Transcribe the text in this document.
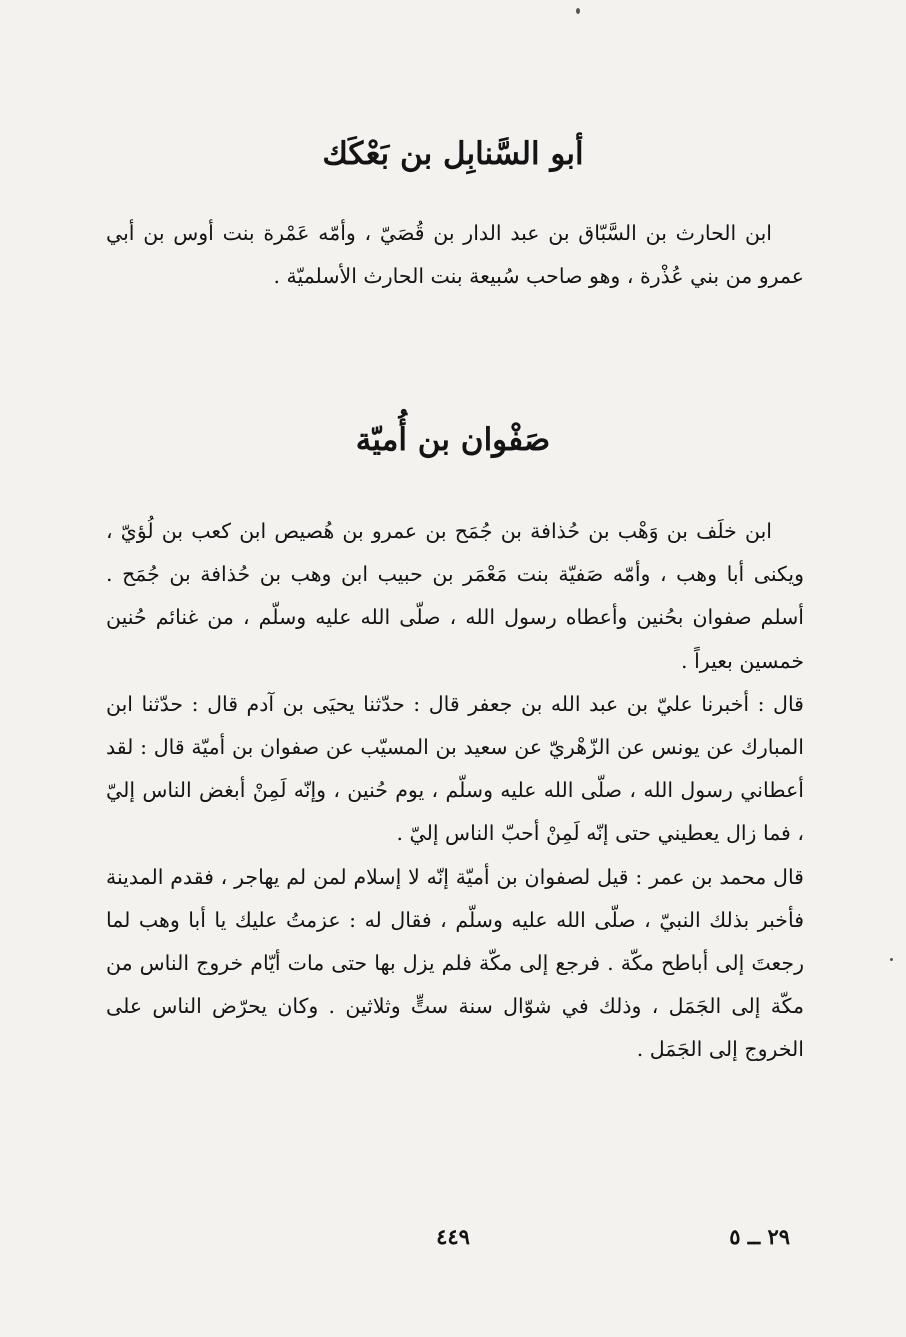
أبو السَّنابِل بن بَعْكَك

ابن الحارث بن السَّبّاق بن عبد الدار بن قُصَيّ ، وأمّه عَمْرة بنت أوس بن أبي عمرو من بني عُذْرة ، وهو صاحب سُبيعة بنت الحارث الأسلميّة .

صَفْوان بن أُميّة

ابن خلَف بن وَهْب بن حُذافة بن جُمَح بن عمرو بن هُصيص ابن كعب بن لُؤيّ ، ويكنى أبا وهب ، وأمّه صَفيّة بنت مَعْمَر بن حبيب ابن وهب بن حُذافة بن جُمَح . أسلم صفوان بحُنين وأعطاه رسول الله ، صلّى الله عليه وسلّم ، من غنائم حُنين خمسين بعيراً .

قال : أخبرنا عليّ بن عبد الله بن جعفر قال : حدّثنا يحيَى بن آدم قال : حدّثنا ابن المبارك عن يونس عن الزّهْريّ عن سعيد بن المسيّب عن صفوان بن أميّة قال : لقد أعطاني رسول الله ، صلّى الله عليه وسلّم ، يوم حُنين ، وإنّه لَمِنْ أبغض الناس إليّ ، فما زال يعطيني حتى إنّه لَمِنْ أحبّ الناس إليّ .

قال محمد بن عمر : قيل لصفوان بن أميّة إنّه لا إسلام لمن لم يهاجر ، فقدم المدينة فأخبر بذلك النبيّ ، صلّى الله عليه وسلّم ، فقال له : عزمتُ عليك يا أبا وهب لما رجعتَ إلى أباطح مكّة . فرجع إلى مكّة فلم يزل بها حتى مات أيّام خروج الناس من مكّة إلى الجَمَل ، وذلك في شوّال سنة ستٍّ وثلاثين . وكان يحرّض الناس على الخروج إلى الجَمَل .

٤٤٩	٢٩ ــ ٥
